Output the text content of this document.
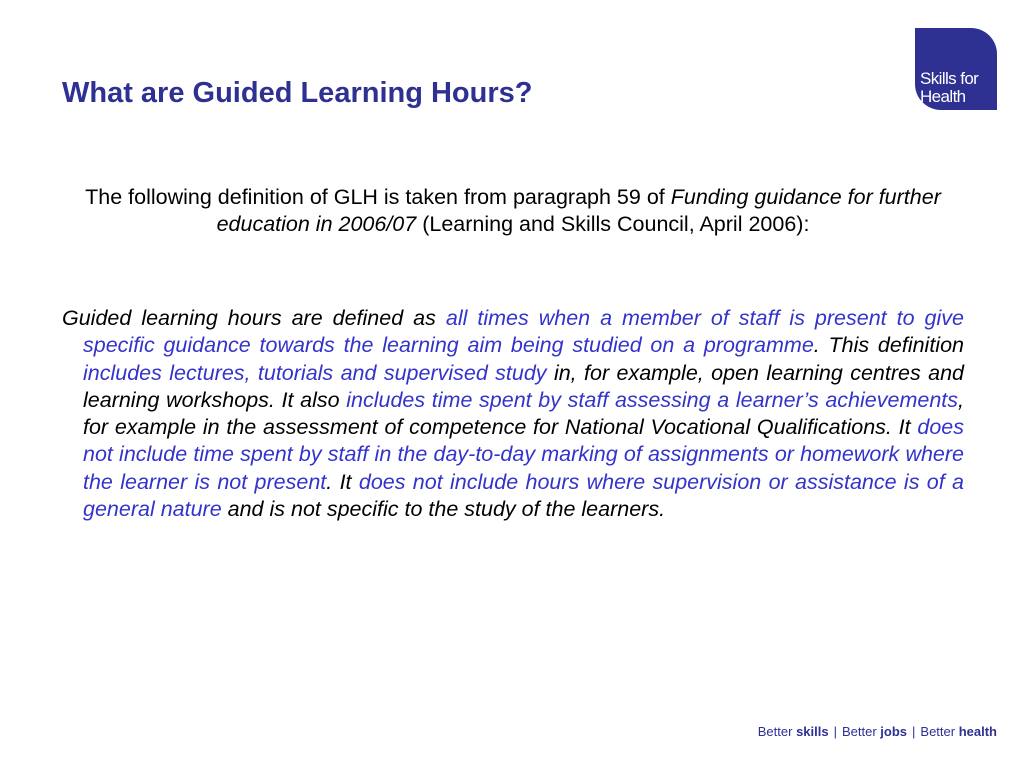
What are Guided Learning Hours?	Skills for
Health

The following definition of GLH is taken from paragraph 59 of Funding guidance for further education in 2006/07 (Learning and Skills Council, April 2006):

Guided learning hours are defined as all times when a member of staff is present to give specific guidance towards the learning aim being studied on a programme. This definition includes lectures, tutorials and supervised study in, for example, open learning centres and learning workshops. It also includes time spent by staff assessing a learner’s achievements, for example in the assessment of competence for National Vocational Qualifications. It does not include time spent by staff in the day-to-day marking of assignments or homework where the learner is not present. It does not include hours where supervision or assistance is of a general nature and is not specific to the study of the learners.

Better skills | Better jobs | Better health
